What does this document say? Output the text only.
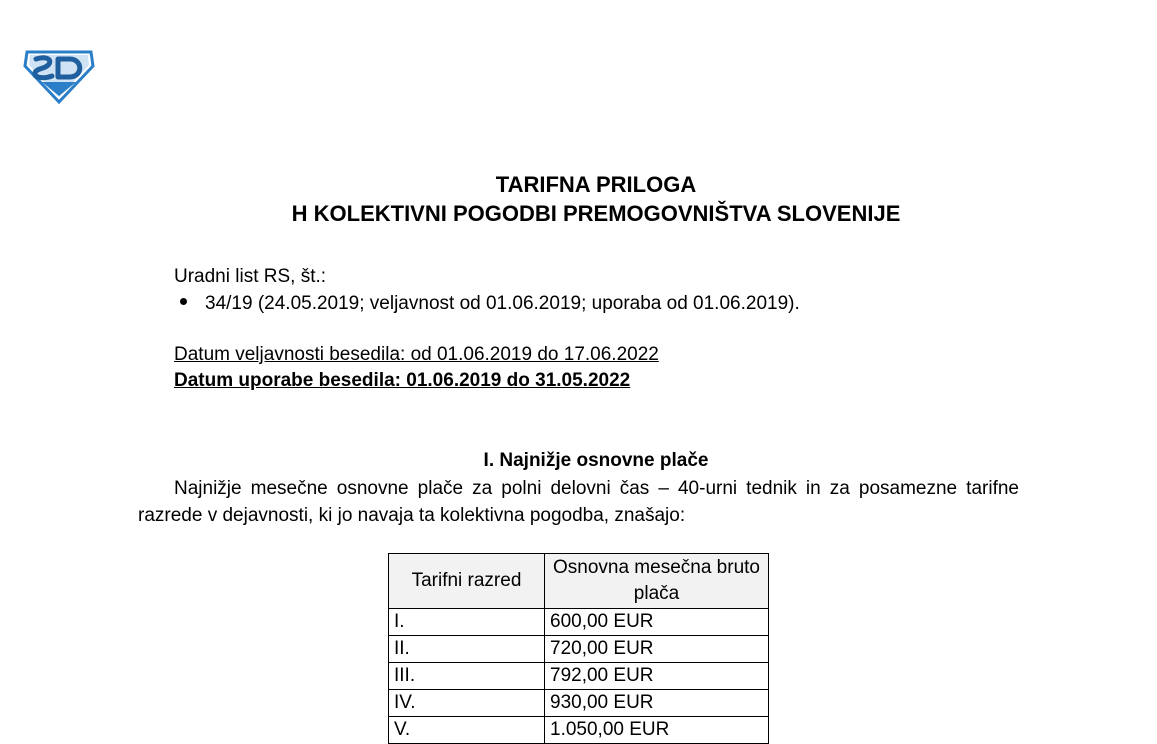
TARIFNA PRILOGA
H KOLEKTIVNI POGODBI PREMOGOVNIŠTVA SLOVENIJE
Uradni list RS, št.:
34/19 (24.05.2019; veljavnost od 01.06.2019; uporaba od 01.06.2019).
Datum veljavnosti besedila: od 01.06.2019 do 17.06.2022
Datum uporabe besedila: 01.06.2019 do 31.05.2022
I. Najnižje osnovne plače
Najnižje mesečne osnovne plače za polni delovni čas – 40-urni tednik in za posamezne tarifne razrede v dejavnosti, ki jo navaja ta kolektivna pogodba, znašajo:
Tarifni razred	Osnovna mesečna bruto plača
I.	600,00 EUR
II.	720,00 EUR
III.	792,00 EUR
IV.	930,00 EUR
V.	1.050,00 EUR
